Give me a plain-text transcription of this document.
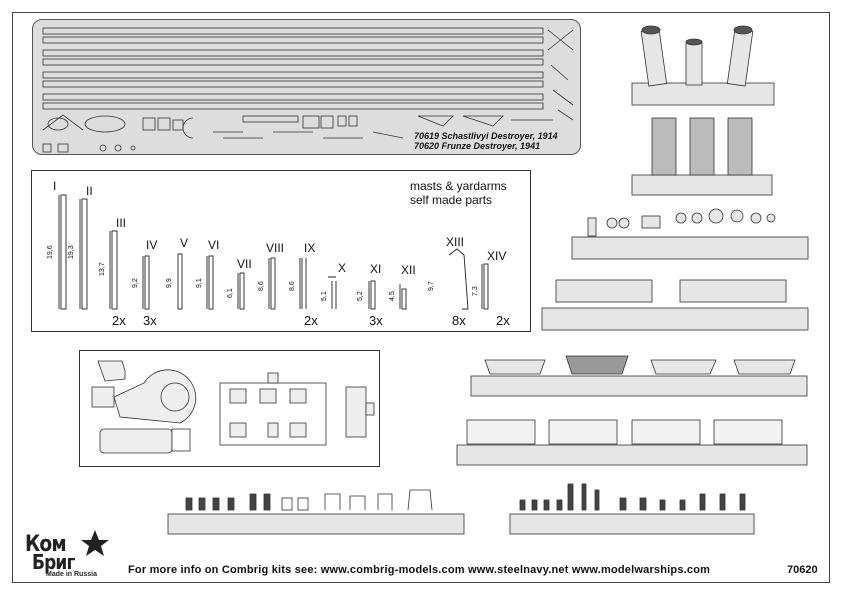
70619 Schastlivyi Destroyer, 1914
70620 Frunze Destroyer, 1941
masts & yardarms
self made parts
I II
III
IV V VI
VII
VIII IX
X XI XII
XIII
XIV
19,6 19,3
13,7
9,2	9,9	9,1
6,1
8,6	8,6
5,1	5,2	4,5
9,7
7,3
2x 3x	2x	3x	8x 2x
Ком
Бриг
Made in Russia	For more info on Combrig kits see: www.combrig-models.com www.steelnavy.net www.modelwarships.com	70620
